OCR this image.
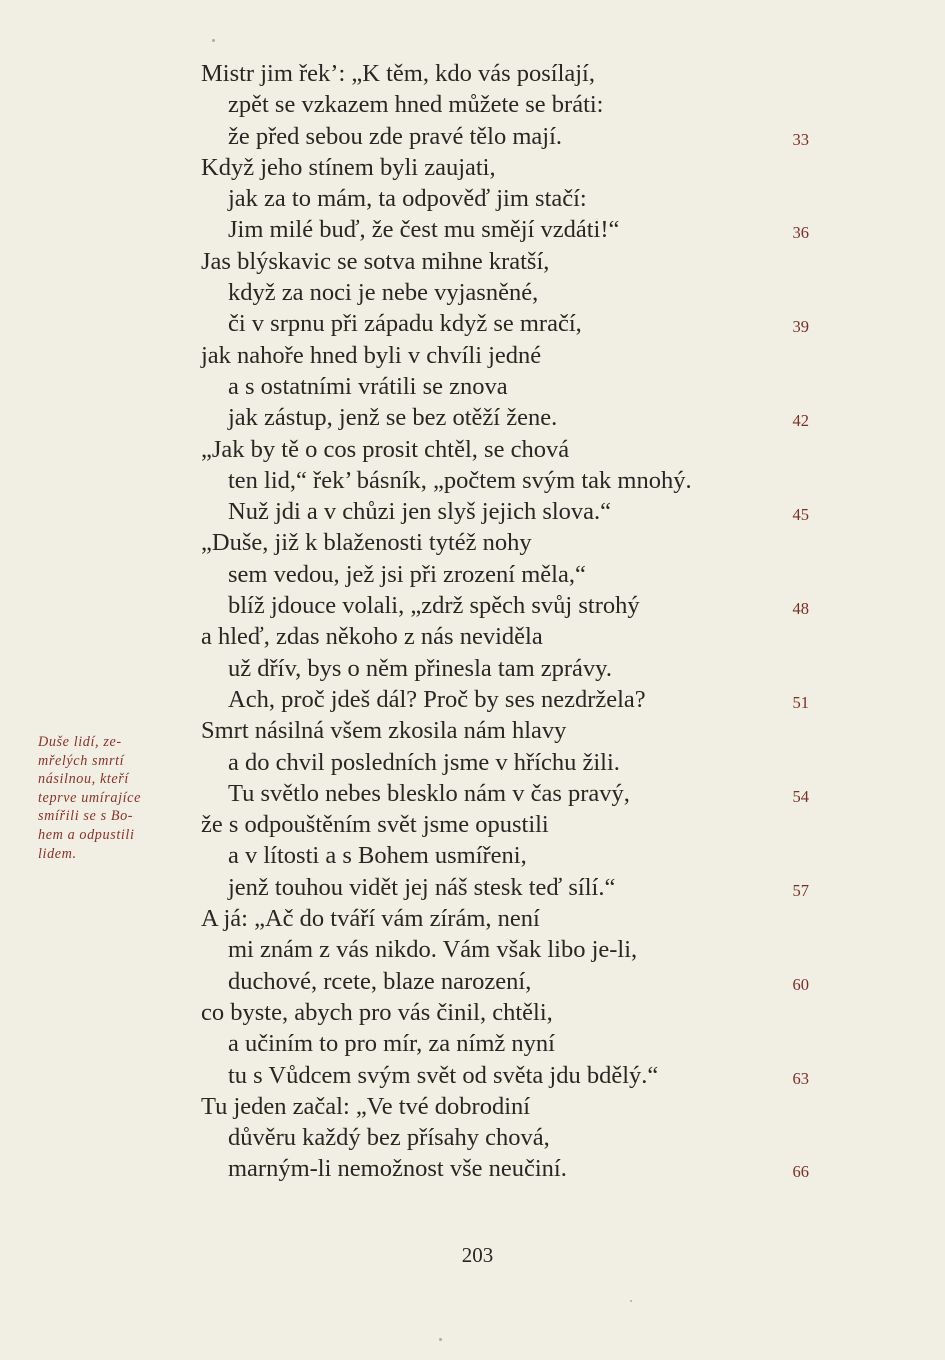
Mistr jim řek’: „K těm, kdo vás posílají,
zpět se vzkazem hned můžete se bráti:
že před sebou zde pravé tělo mají.	33
Když jeho stínem byli zaujati,
jak za to mám, ta odpověď jim stačí:
Jim milé buď, že čest mu smějí vzdáti!“	36
Jas blýskavic se sotva mihne kratší,
když za noci je nebe vyjasněné,
či v srpnu při západu když se mračí,	39
jak nahoře hned byli v chvíli jedné
a s ostatními vrátili se znova
jak zástup, jenž se bez otěží žene.	42
„Jak by tě o cos prosit chtěl, se chová
ten lid,“ řek’ básník, „počtem svým tak mnohý.
Nuž jdi a v chůzi jen slyš jejich slova.“	45
„Duše, již k blaženosti tytéž nohy
sem vedou, jež jsi při zrození měla,“
blíž jdouce volali, „zdrž spěch svůj strohý	48
a hleď, zdas někoho z nás neviděla
už dřív, bys o něm přinesla tam zprávy.
Ach, proč jdeš dál? Proč by ses nezdržela?	51
Smrt násilná všem zkosila nám hlavy
a do chvil posledních jsme v hříchu žili.
Tu světlo nebes blesklo nám v čas pravý,	54
že s odpouštěním svět jsme opustili
a v lítosti a s Bohem usmířeni,
jenž touhou vidět jej náš stesk teď sílí.“	57
A já: „Ač do tváří vám zírám, není
mi znám z vás nikdo. Vám však libo je-li,
duchové, rcete, blaze narození,	60
co byste, abych pro vás činil, chtěli,
a učiním to pro mír, za nímž nyní
tu s Vůdcem svým svět od světa jdu bdělý.“	63
Tu jeden začal: „Ve tvé dobrodiní
důvěru každý bez přísahy chová,
marným-li nemožnost vše neučiní.	66
Duše lidí, ze-
mřelých smrtí
násilnou, kteří
teprve umírajíce
smířili se s Bo-
hem a odpustili
lidem.
203
